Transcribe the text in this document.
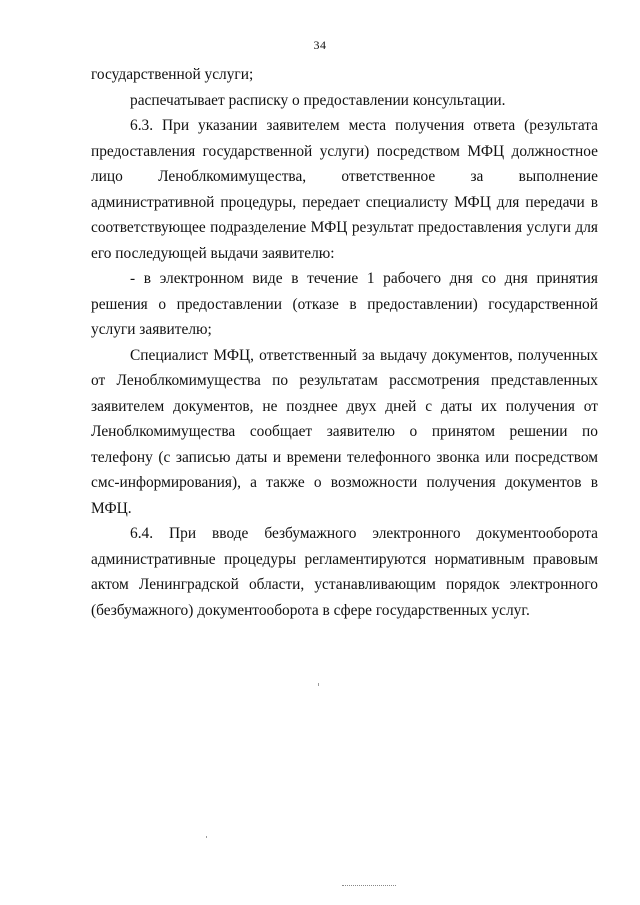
34

государственной услуги;

распечатывает расписку о предоставлении консультации.

6.3. При указании заявителем места получения ответа (результата предоставления государственной услуги) посредством МФЦ должностное лицо Леноблкомимущества, ответственное за выполнение административной процедуры, передает специалисту МФЦ для передачи в соответствующее подразделение МФЦ результат предоставления услуги для его последующей выдачи заявителю:

- в электронном виде в течение 1 рабочего дня со дня принятия решения о предоставлении (отказе в предоставлении) государственной услуги заявителю;

Специалист МФЦ, ответственный за выдачу документов, полученных от Леноблкомимущества по результатам рассмотрения представленных заявителем документов, не позднее двух дней с даты их получения от Леноблкомимущества сообщает заявителю о принятом решении по телефону (с записью даты и времени телефонного звонка или посредством смс-информирования), а также о возможности получения документов в МФЦ.

6.4. При вводе безбумажного электронного документооборота административные процедуры регламентируются нормативным правовым актом Ленинградской области, устанавливающим порядок электронного (безбумажного) документооборота в сфере государственных услуг.
